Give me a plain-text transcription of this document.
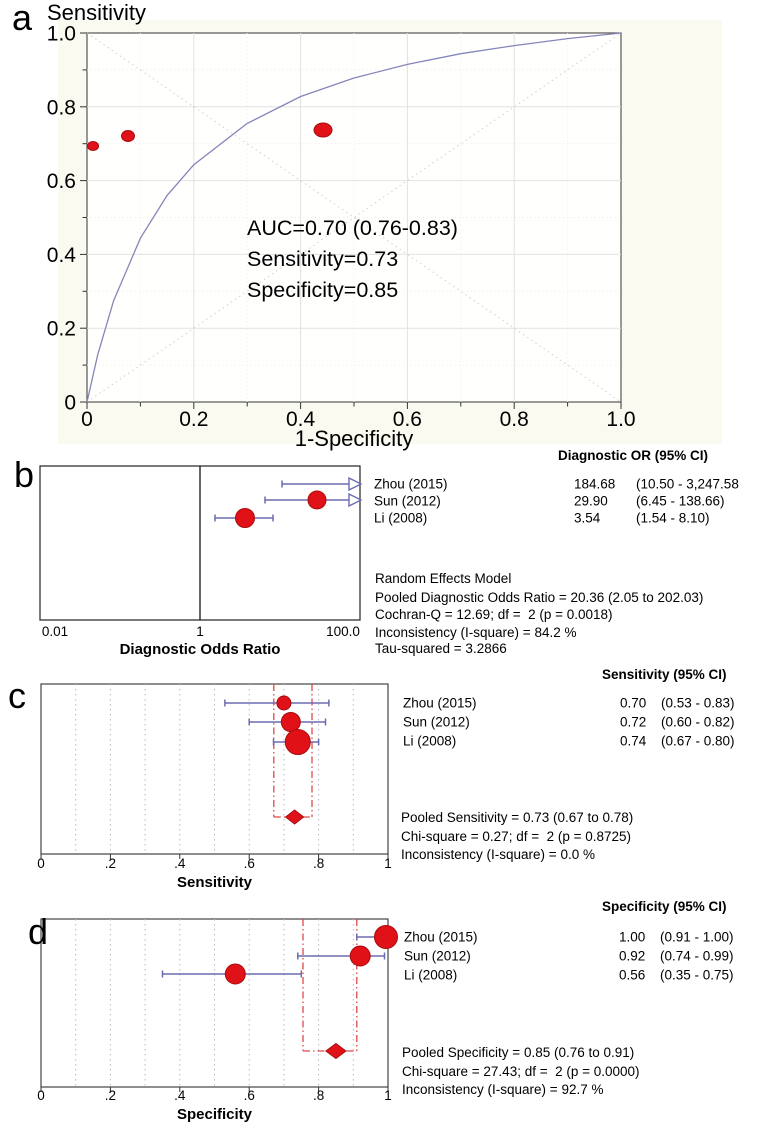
a Sensitivity
1.0
0.8
0.6
0.4
0.2
0
0	0.2	0.4	0.6	0.8	1.0
1-Specificity
AUC=0.70 (0.76-0.83)
Sensitivity=0.73
Specificity=0.85
b
0.01	1	100.0
Diagnostic Odds Ratio
Diagnostic OR (95% CI)
Zhou (2015)	184.68 (10.50 - 3,247.58
Sun (2012)	29.90 (6.45 - 138.66)
Li (2008)	3.54	(1.54 - 8.10)
Random Effects Model
Pooled Diagnostic Odds Ratio = 20.36 (2.05 to 202.03)
Cochran-Q = 12.69; df =  2 (p = 0.0018)
Inconsistency (I-square) = 84.2 %
Tau-squared = 3.2866
c
0	.2	.4	.6	.8	1
Sensitivity
Sensitivity (95% CI)
Zhou (2015)	0.70 (0.53 - 0.83)
Sun (2012)	0.72 (0.60 - 0.82)
Li (2008)	0.74 (0.67 - 0.80)
Pooled Sensitivity = 0.73 (0.67 to 0.78)
Chi-square = 0.27; df =  2 (p = 0.8725)
Inconsistency (I-square) = 0.0 %
d
0	.2	.4	.6	.8	1
Specificity
Specificity (95% CI)
Zhou (2015)	1.00 (0.91 - 1.00)
Sun (2012)	0.92 (0.74 - 0.99)
Li (2008)	0.56 (0.35 - 0.75)
Pooled Specificity = 0.85 (0.76 to 0.91)
Chi-square = 27.43; df =  2 (p = 0.0000)
Inconsistency (I-square) = 92.7 %
